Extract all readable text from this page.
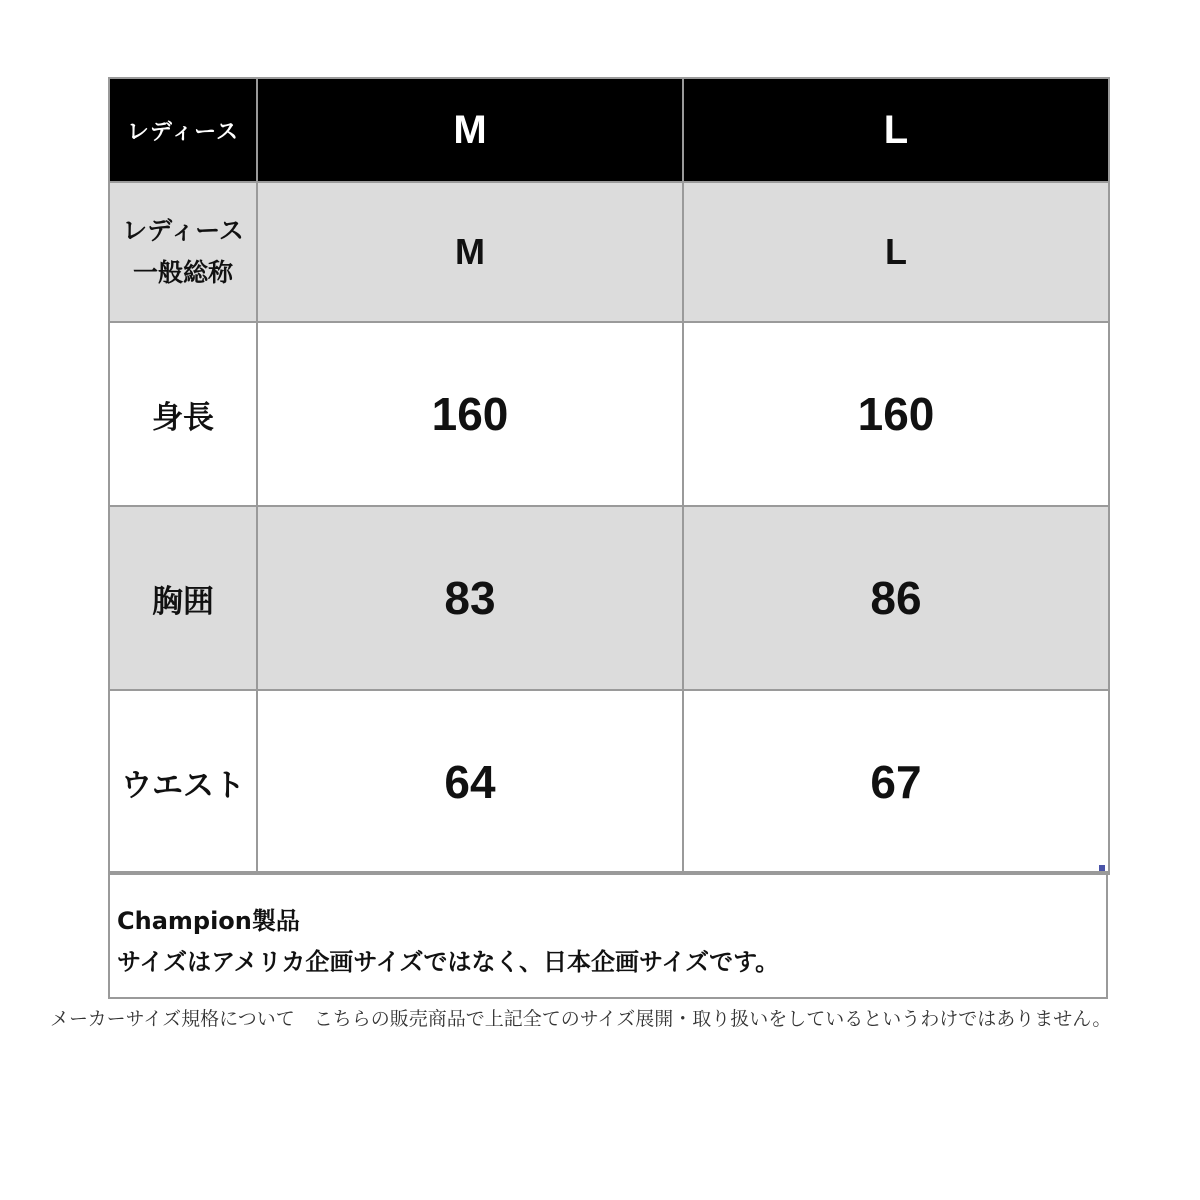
レディース	M	L

レディース
一般総称	M	L
身長	160	160
胸囲	83	86
ウエスト	64	67
Champion製品
サイズはアメリカ企画サイズではなく、日本企画サイズです。
メーカーサイズ規格について　こちらの販売商品で上記全てのサイズ展開・取り扱いをしているというわけではありません。
